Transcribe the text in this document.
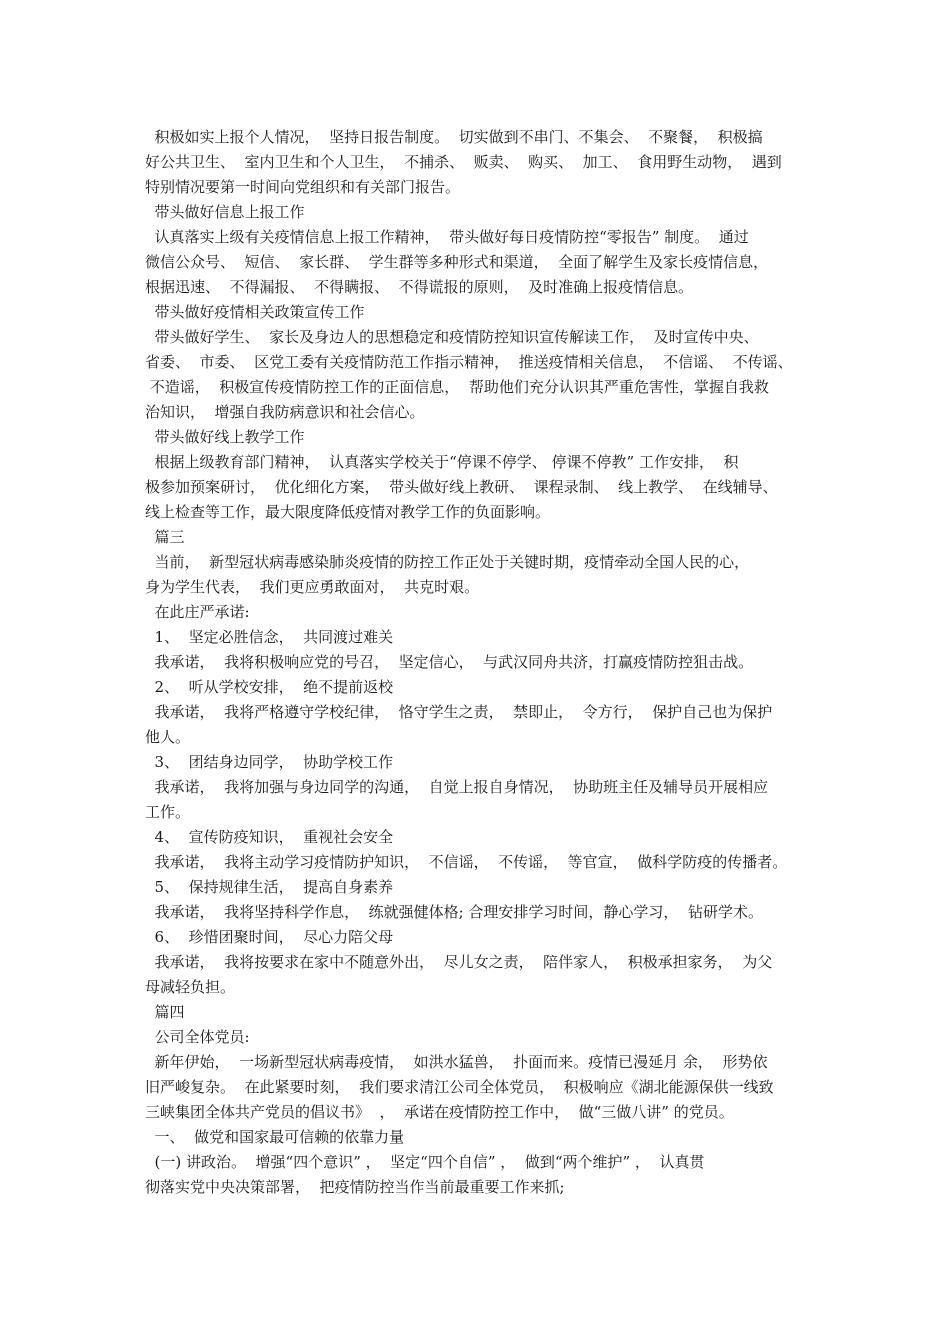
积极如实上报个人情况，  坚持日报告制度。  切实做到不串门、不集会、  不聚餐，  积极搞
好公共卫生、  室内卫生和个人卫生，  不捕杀、  贩卖、  购买、  加工、  食用野生动物，  遇到
特别情况要第一时间向党组织和有关部门报告。
带头做好信息上报工作
认真落实上级有关疫情信息上报工作精神，  带头做好每日疫情防控“零报告” 制度。  通过
微信公众号、  短信、  家长群、  学生群等多种形式和渠道，  全面了解学生及家长疫情信息，
根据迅速、  不得漏报、  不得瞒报、  不得谎报的原则，  及时准确上报疫情信息。
带头做好疫情相关政策宣传工作
带头做好学生、  家长及身边人的思想稳定和疫情防控知识宣传解读工作，  及时宣传中央、
省委、  市委、  区党工委有关疫情防范工作指示精神，  推送疫情相关信息，  不信谣、  不传谣、
不造谣，  积极宣传疫情防控工作的正面信息，  帮助他们充分认识其严重危害性，掌握自我救
治知识，  增强自我防病意识和社会信心。
带头做好线上教学工作
根据上级教育部门精神，  认真落实学校关于“停课不停学、 停课不停教” 工作安排，  积
极参加预案研讨，  优化细化方案，  带头做好线上教研、  课程录制、  线上教学、  在线辅导、
线上检查等工作，最大限度降低疫情对教学工作的负面影响。
篇三
当前，  新型冠状病毒感染肺炎疫情的防控工作正处于关键时期，疫情牵动全国人民的心，
身为学生代表，  我们更应勇敢面对，  共克时艰。
在此庄严承诺:
1、  坚定必胜信念，  共同渡过难关
我承诺，  我将积极响应党的号召，  坚定信心，  与武汉同舟共济，打赢疫情防控狙击战。
2、  听从学校安排，  绝不提前返校
我承诺，  我将严格遵守学校纪律，  恪守学生之责，  禁即止，  令方行，  保护自己也为保护
他人。
3、  团结身边同学，  协助学校工作
我承诺，  我将加强与身边同学的沟通，  自觉上报自身情况，  协助班主任及辅导员开展相应
工作。
4、  宣传防疫知识，  重视社会安全
我承诺，  我将主动学习疫情防护知识，  不信谣，  不传谣，  等官宣，  做科学防疫的传播者。
5、  保持规律生活，  提高自身素养
我承诺，  我将坚持科学作息，  练就强健体格; 合理安排学习时间，静心学习，  钻研学术。
6、  珍惜团聚时间，  尽心力陪父母
我承诺，  我将按要求在家中不随意外出，  尽儿女之责，  陪伴家人，  积极承担家务，  为父
母减轻负担。
篇四
公司全体党员:
新年伊始，  一场新型冠状病毒疫情，  如洪水猛兽，  扑面而来。疫情已漫延月 余，  形势依
旧严峻复杂。  在此紧要时刻，  我们要求清江公司全体党员，  积极响应《湖北能源保供一线致
三峡集团全体共产党员的倡议书》  ，  承诺在疫情防控工作中，  做“三做八讲” 的党员。
一、  做党和国家最可信赖的依靠力量
(一) 讲政治。  增强“四个意识” ，  坚定“四个自信” ，  做到“两个维护” ，  认真贯
彻落实党中央决策部署，  把疫情防控当作当前最重要工作来抓;
